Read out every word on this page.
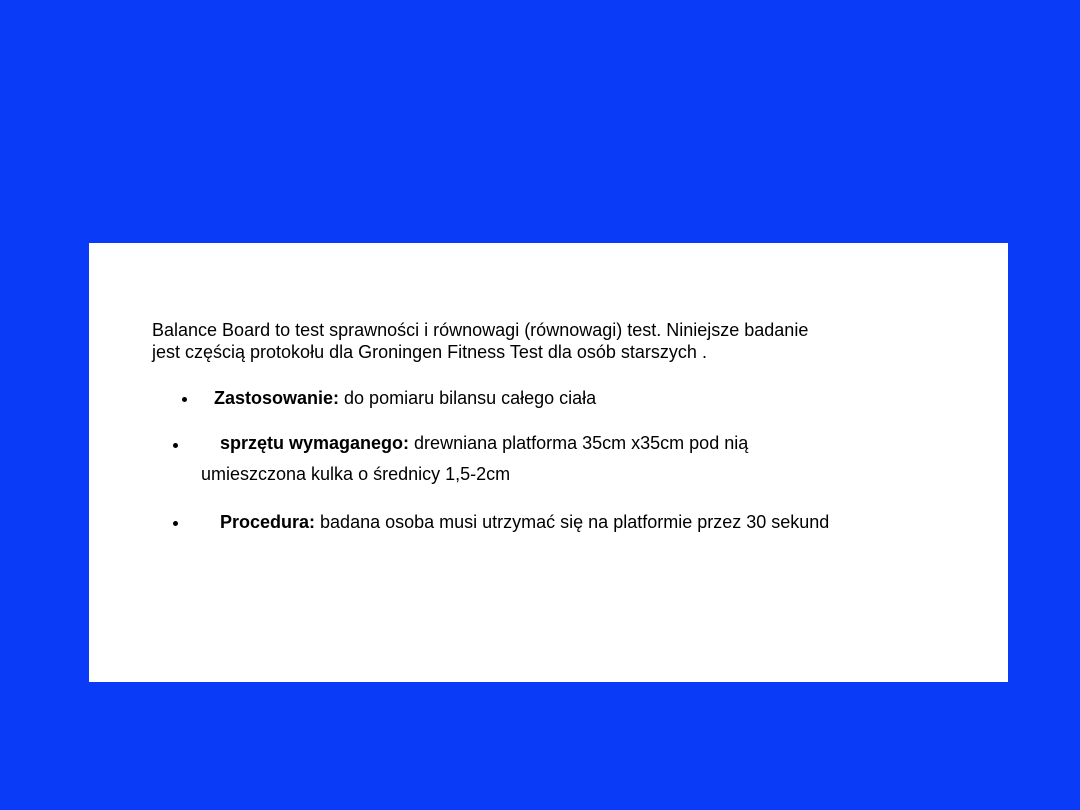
Balance Board to test sprawności i równowagi (równowagi) test. Niniejsze badanie
jest częścią protokołu dla Groningen Fitness Test dla osób starszych .
Zastosowanie: do pomiaru bilansu całego ciała
sprzętu wymaganego: drewniana platforma 35cm x35cm pod nią
umieszczona kulka o średnicy 1,5-2cm
Procedura: badana osoba musi utrzymać się na platformie przez 30 sekund
